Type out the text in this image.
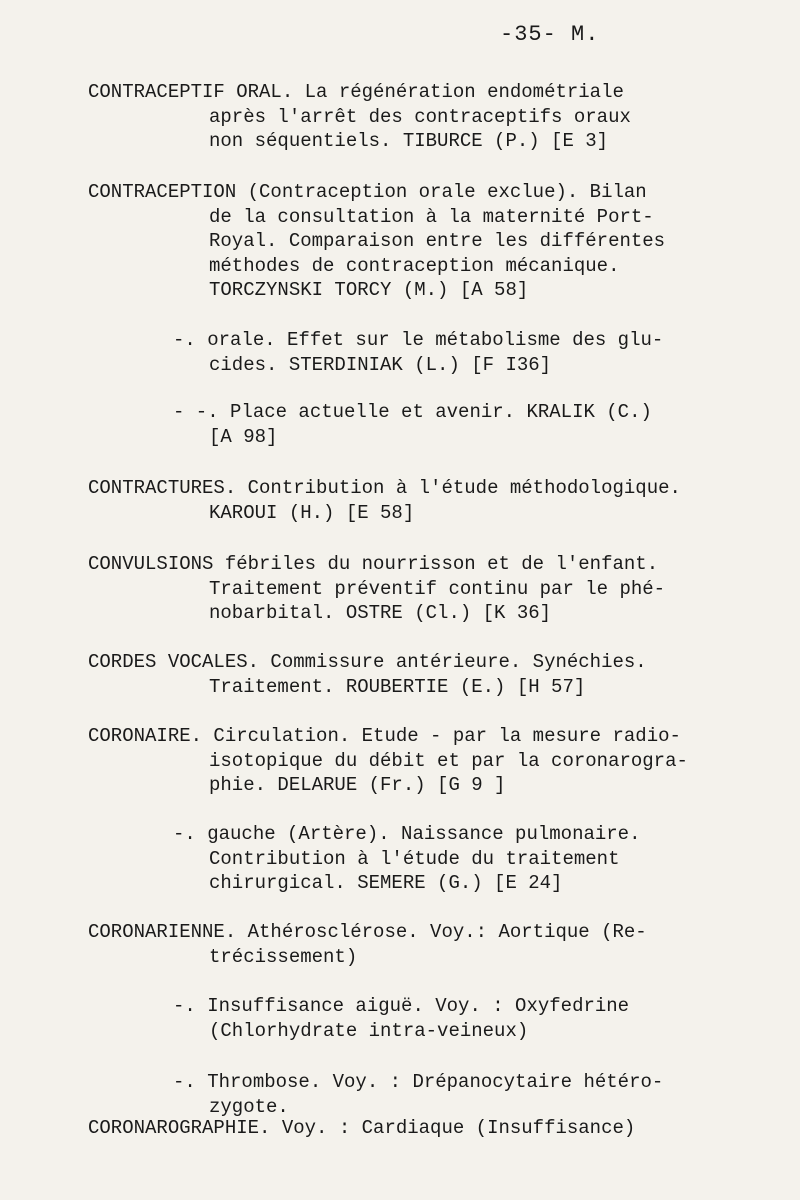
-35- M.
CONTRACEPTIF ORAL. La régénération endométriale
après l'arrêt des contraceptifs oraux
non séquentiels. TIBURCE (P.) [E 3]
CONTRACEPTION (Contraception orale exclue). Bilan
de la consultation à la maternité Port-
Royal. Comparaison entre les différentes
méthodes de contraception mécanique.
TORCZYNSKI TORCY (M.) [A 58]
-. orale. Effet sur le métabolisme des glu-
cides. STERDINIAK (L.) [F I36]
- -. Place actuelle et avenir. KRALIK (C.)
[A 98]
CONTRACTURES. Contribution à l'étude méthodologique.
KAROUI (H.) [E 58]
CONVULSIONS fébriles du nourrisson et de l'enfant.
Traitement préventif continu par le phé-
nobarbital. OSTRE (Cl.) [K 36]
CORDES VOCALES. Commissure antérieure. Synéchies.
Traitement. ROUBERTIE (E.) [H 57]
CORONAIRE. Circulation. Etude - par la mesure radio-
isotopique du débit et par la coronarogra-
phie. DELARUE (Fr.) [G 9 ]
-. gauche (Artère). Naissance pulmonaire.
Contribution à l'étude du traitement
chirurgical. SEMERE (G.) [E 24]
CORONARIENNE. Athérosclérose. Voy.: Aortique (Re-
trécissement)
-. Insuffisance aiguë. Voy. : Oxyfedrine
(Chlorhydrate intra-veineux)
-. Thrombose. Voy. : Drépanocytaire hétéro-
zygote.
CORONAROGRAPHIE. Voy. : Cardiaque (Insuffisance)
